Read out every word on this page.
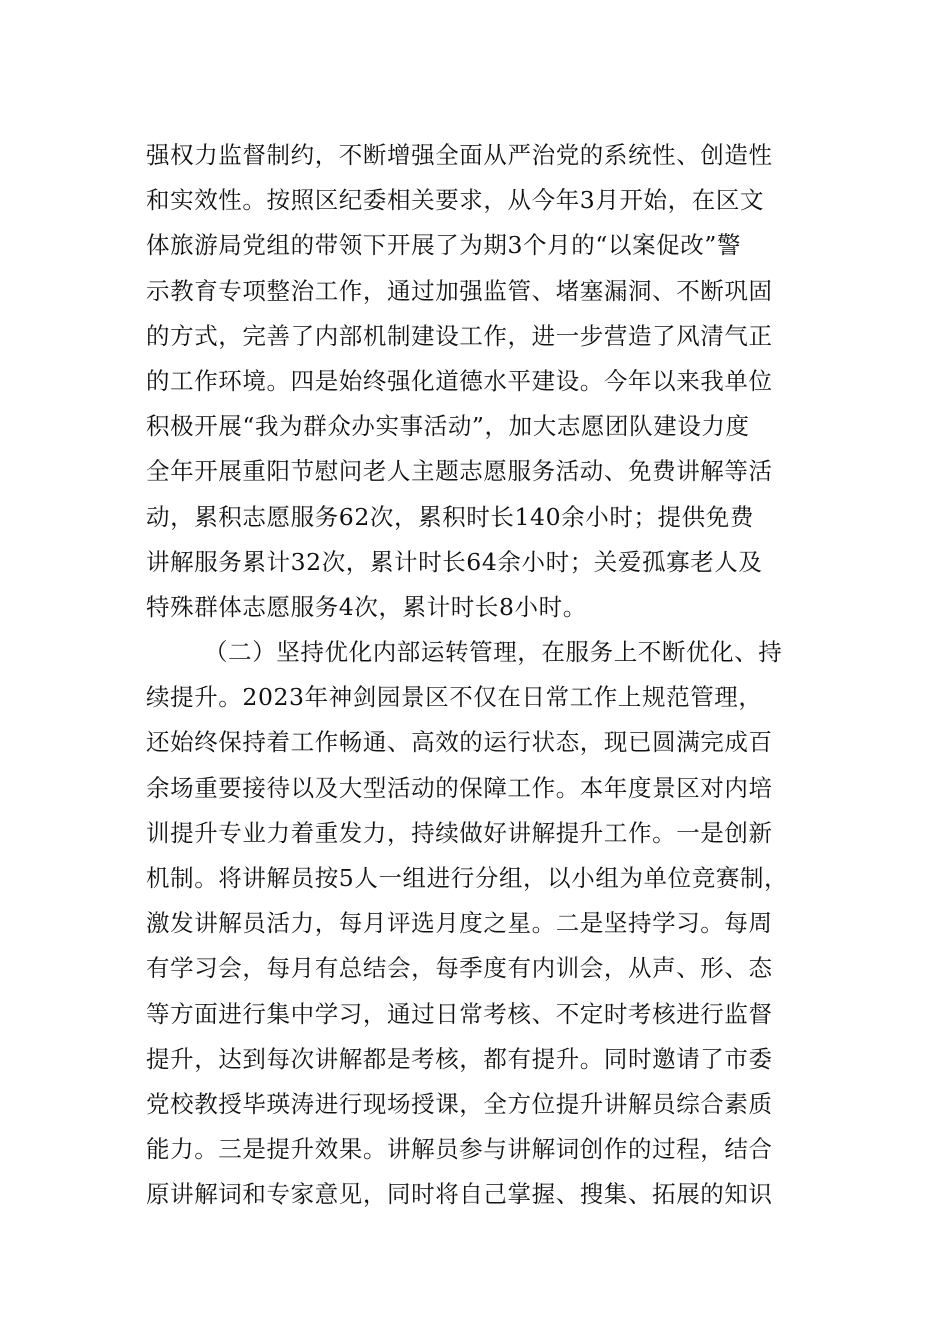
强权力监督制约，不断增强全面从严治党的系统性、创造性
和实效性。按照区纪委相关要求，从今年3月开始，在区文
体旅游局党组的带领下开展了为期3个月的“以案促改”警
示教育专项整治工作，通过加强监管、堵塞漏洞、不断巩固
的方式，完善了内部机制建设工作，进一步营造了风清气正
的工作环境。四是始终强化道德水平建设。今年以来我单位
积极开展“我为群众办实事活动”，加大志愿团队建设力度
全年开展重阳节慰问老人主题志愿服务活动、免费讲解等活
动，累积志愿服务62次，累积时长140余小时；提供免费
讲解服务累计32次，累计时长64余小时；关爱孤寡老人及
特殊群体志愿服务4次，累计时长8小时。
（二）坚持优化内部运转管理，在服务上不断优化、持
续提升。2023年神剑园景区不仅在日常工作上规范管理，
还始终保持着工作畅通、高效的运行状态，现已圆满完成百
余场重要接待以及大型活动的保障工作。本年度景区对内培
训提升专业力着重发力，持续做好讲解提升工作。一是创新
机制。将讲解员按5人一组进行分组，以小组为单位竞赛制，
激发讲解员活力，每月评选月度之星。二是坚持学习。每周
有学习会，每月有总结会，每季度有内训会，从声、形、态
等方面进行集中学习，通过日常考核、不定时考核进行监督
提升，达到每次讲解都是考核，都有提升。同时邀请了市委
党校教授毕瑛涛进行现场授课，全方位提升讲解员综合素质
能力。三是提升效果。讲解员参与讲解词创作的过程，结合
原讲解词和专家意见，同时将自己掌握、搜集、拓展的知识
